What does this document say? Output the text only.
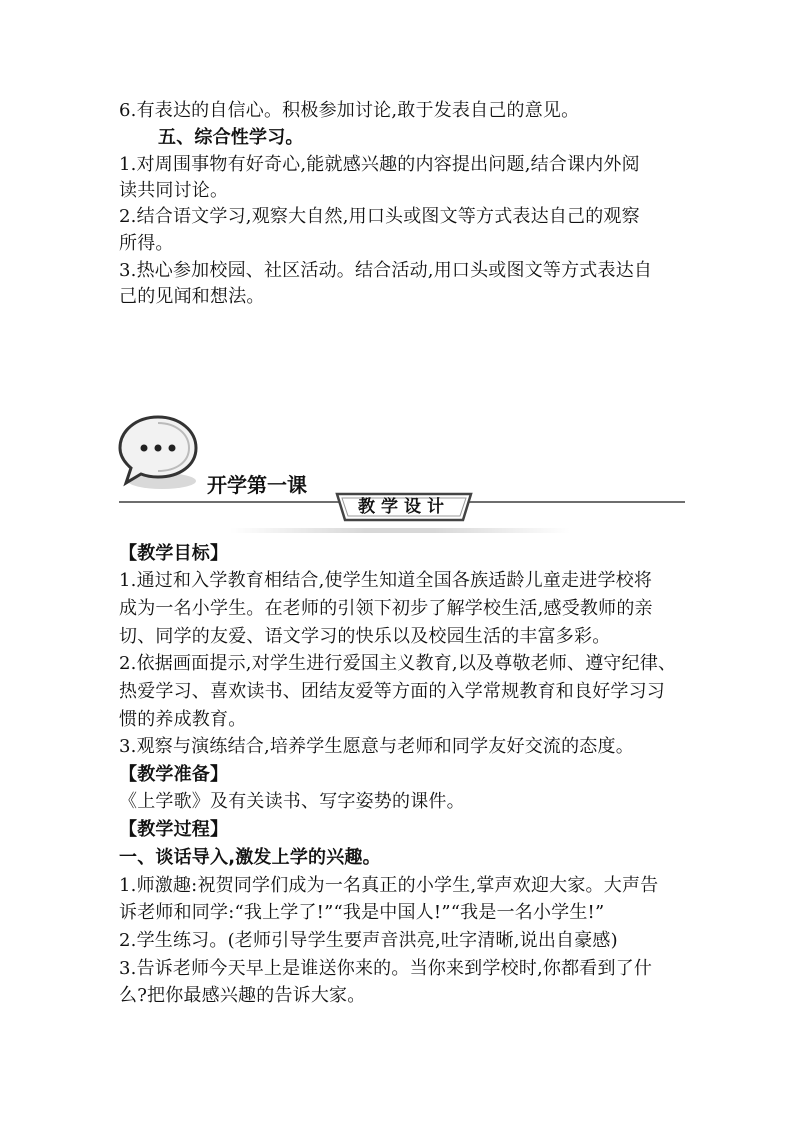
6.有表达的自信心。积极参加讨论,敢于发表自己的意见。
五、综合性学习。
1.对周围事物有好奇心,能就感兴趣的内容提出问题,结合课内外阅
读共同讨论。
2.结合语文学习,观察大自然,用口头或图文等方式表达自己的观察
所得。
3.热心参加校园、社区活动。结合活动,用口头或图文等方式表达自
己的见闻和想法。
开学第一课
教学设计
【教学目标】
1.通过和入学教育相结合,使学生知道全国各族适龄儿童走进学校将
成为一名小学生。在老师的引领下初步了解学校生活,感受教师的亲
切、同学的友爱、语文学习的快乐以及校园生活的丰富多彩。
2.依据画面提示,对学生进行爱国主义教育,以及尊敬老师、遵守纪律、
热爱学习、喜欢读书、团结友爱等方面的入学常规教育和良好学习习
惯的养成教育。
3.观察与演练结合,培养学生愿意与老师和同学友好交流的态度。
【教学准备】
《上学歌》及有关读书、写字姿势的课件。
【教学过程】
一、谈话导入,激发上学的兴趣。
1.师激趣:祝贺同学们成为一名真正的小学生,掌声欢迎大家。大声告
诉老师和同学:“我上学了!”“我是中国人!”“我是一名小学生!”
2.学生练习。(老师引导学生要声音洪亮,吐字清晰,说出自豪感)
3.告诉老师今天早上是谁送你来的。当你来到学校时,你都看到了什
么?把你最感兴趣的告诉大家。
